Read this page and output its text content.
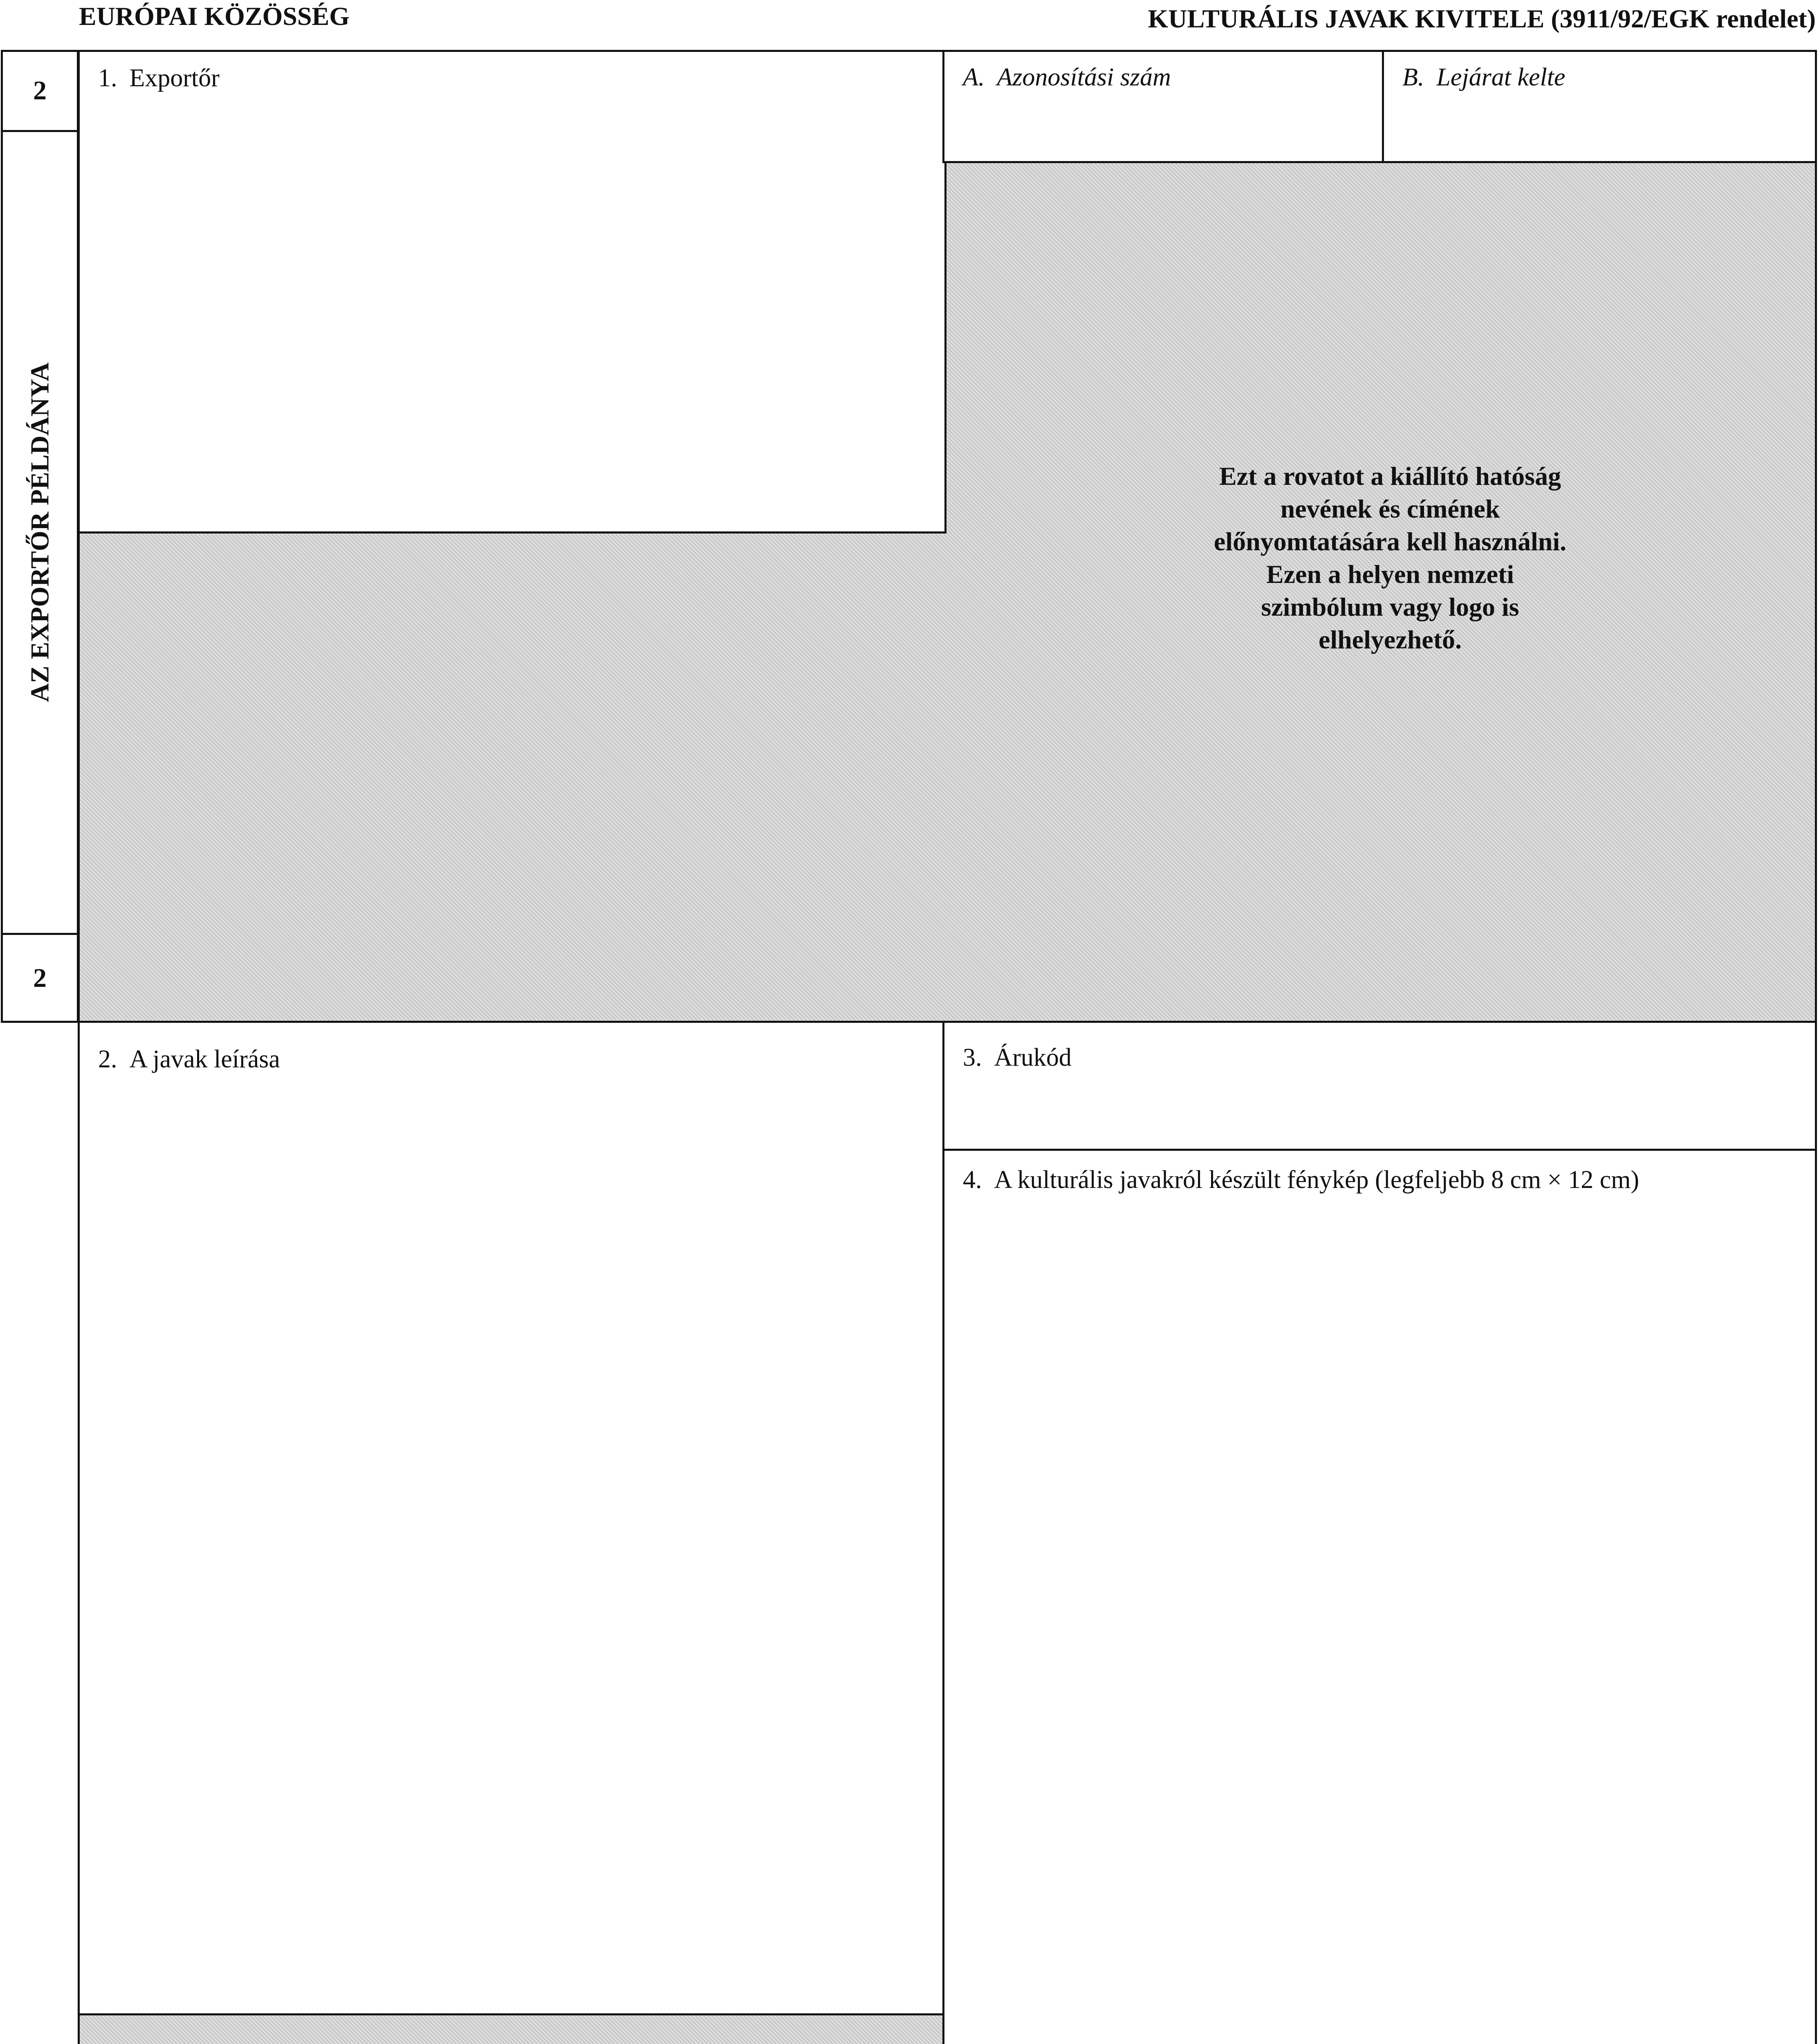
EURÓPAI KÖZÖSSÉG	KULTURÁLIS JAVAK KIVITELE (3911/92/EGK rendelet)
2
2
AZ EXPORTŐR PÉLDÁNYA
1. Exportőr	A. Azonosítási szám	B. Lejárat kelte
Ezt a rovatot a kiállító hatóság
nevének és címének
előnyomtatására kell használni.
Ezen a helyen nemzeti
szimbólum vagy logo is
elhelyezhető.
2. A javak leírása	3. Árukód
4. A kulturális javakról készült fénykép (legfeljebb 8 cm × 12 cm)
